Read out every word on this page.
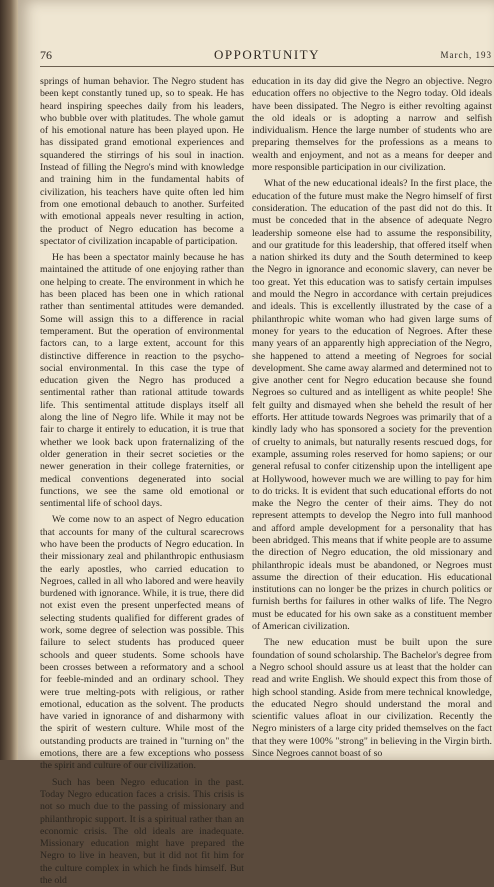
76	OPPORTUNITY	March, 193

springs of human behavior. The Negro student has been kept constantly tuned up, so to speak. He has heard inspiring speeches daily from his leaders, who bubble over with platitudes. The whole gamut of his emotional nature has been played upon. He has dissipated grand emotional experiences and squandered the stirrings of his soul in inaction. Instead of filling the Negro's mind with knowledge and training him in the fundamental habits of civilization, his teachers have quite often led him from one emotional debauch to another. Surfeited with emotional appeals never resulting in action, the product of Negro education has become a spectator of civilization incapable of participation.

He has been a spectator mainly because he has maintained the attitude of one enjoying rather than one helping to create. The environment in which he has been placed has been one in which rational rather than sentimental attitudes were demanded. Some will assign this to a difference in racial temperament. But the operation of environmental factors can, to a large extent, account for this distinctive difference in reaction to the psycho-social environmental. In this case the type of education given the Negro has produced a sentimental rather than rational attitude towards life. This sentimental attitude displays itself all along the line of Negro life. While it may not be fair to charge it entirely to education, it is true that whether we look back upon fraternalizing of the older generation in their secret societies or the newer generation in their college fraternities, or medical conventions degenerated into social functions, we see the same old emotional or sentimental life of school days.

We come now to an aspect of Negro education that accounts for many of the cultural scarecrows who have been the products of Negro education. In their missionary zeal and philanthropic enthusiasm the early apostles, who carried education to Negroes, called in all who labored and were heavily burdened with ignorance. While, it is true, there did not exist even the present unperfected means of selecting students qualified for different grades of work, some degree of selection was possible. This failure to select students has produced queer schools and queer students. Some schools have been crosses between a reformatory and a school for feeble-minded and an ordinary school. They were true melting-pots with religious, or rather emotional, education as the solvent. The products have varied in ignorance of and disharmony with the spirit of western culture. While most of the outstanding products are trained in "turning on" the emotions, there are a few exceptions who possess the spirit and culture of our civilization.

Such has been Negro education in the past. Today Negro education faces a crisis. This crisis is not so much due to the passing of missionary and philanthropic support. It is a spiritual rather than an economic crisis. The old ideals are inadequate. Missionary education might have prepared the Negro to live in heaven, but it did not fit him for the culture complex in which he finds himself. But the old

education in its day did give the Negro an objective. Negro education offers no objective to the Negro today. Old ideals have been dissipated. The Negro is either revolting against the old ideals or is adopting a narrow and selfish individualism. Hence the large number of students who are preparing themselves for the professions as a means to wealth and enjoyment, and not as a means for deeper and more responsible participation in our civilization.

What of the new educational ideals? In the first place, the education of the future must make the Negro himself of first consideration. The education of the past did not do this. It must be conceded that in the absence of adequate Negro leadership someone else had to assume the responsibility, and our gratitude for this leadership, that offered itself when a nation shirked its duty and the South determined to keep the Negro in ignorance and economic slavery, can never be too great. Yet this education was to satisfy certain impulses and mould the Negro in accordance with certain prejudices and ideals. This is excellently illustrated by the case of a philanthropic white woman who had given large sums of money for years to the education of Negroes. After these many years of an apparently high appreciation of the Negro, she happened to attend a meeting of Negroes for social development. She came away alarmed and determined not to give another cent for Negro education because she found Negroes so cultured and as intelligent as white people! She felt guilty and dismayed when she beheld the result of her efforts. Her attitude towards Negroes was primarily that of a kindly lady who has sponsored a society for the prevention of cruelty to animals, but naturally resents rescued dogs, for example, assuming roles reserved for homo sapiens; or our general refusal to confer citizenship upon the intelligent ape at Hollywood, however much we are willing to pay for him to do tricks. It is evident that such educational efforts do not make the Negro the center of their aims. They do not represent attempts to develop the Negro into full manhood and afford ample development for a personality that has been abridged. This means that if white people are to assume the direction of Negro education, the old missionary and philanthropic ideals must be abandoned, or Negroes must assume the direction of their education. His educational institutions can no longer be the prizes in church politics or furnish berths for failures in other walks of life. The Negro must be educated for his own sake as a constituent member of American civilization.

The new education must be built upon the sure foundation of sound scholarship. The Bachelor's degree from a Negro school should assure us at least that the holder can read and write English. We should expect this from those of high school standing. Aside from mere technical knowledge, the educated Negro should understand the moral and scientific values afloat in our civilization. Recently the Negro ministers of a large city prided themselves on the fact that they were 100% "strong" in believing in the Virgin birth. Since Negroes cannot boast of so
